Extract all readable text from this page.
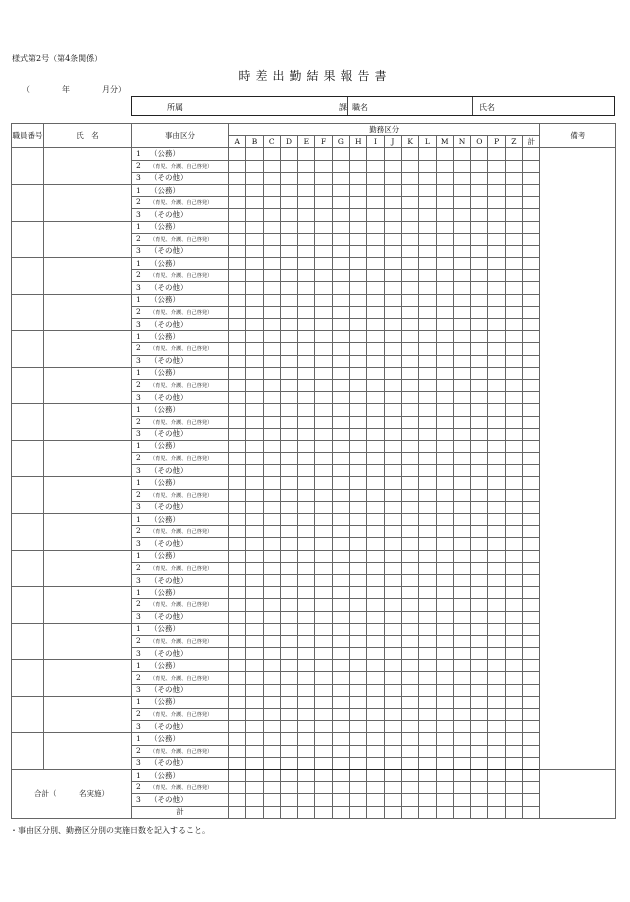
様式第2号（第4条関係）
時差出勤結果報告書
（　　　　年　　　　月分）
所属	課 職名	氏名
職員番号	氏　名	事由区分	勤務区分																		備考
			A	B	C	D	E	F	G	H	I	J	K	L	M	N	O	P	Z	計	
		1 （公務）																			
		2 （育児、介護、自己啓発）																			
		3 （その他）																			
		1 （公務）																			
		2 （育児、介護、自己啓発）																			
		3 （その他）																			
		1 （公務）																			
		2 （育児、介護、自己啓発）																			
		3 （その他）																			
		1 （公務）																			
		2 （育児、介護、自己啓発）																			
		3 （その他）																			
		1 （公務）																			
		2 （育児、介護、自己啓発）																			
		3 （その他）																			
		1 （公務）																			
		2 （育児、介護、自己啓発）																			
		3 （その他）																			
		1 （公務）																			
		2 （育児、介護、自己啓発）																			
		3 （その他）																			
		1 （公務）																			
		2 （育児、介護、自己啓発）																			
		3 （その他）																			
		1 （公務）																			
		2 （育児、介護、自己啓発）																			
		3 （その他）																			
		1 （公務）																			
		2 （育児、介護、自己啓発）																			
		3 （その他）																			
		1 （公務）																			
		2 （育児、介護、自己啓発）																			
		3 （その他）																			
		1 （公務）																			
		2 （育児、介護、自己啓発）																			
		3 （その他）																			
		1 （公務）																			
		2 （育児、介護、自己啓発）																			
		3 （その他）																			
		1 （公務）																			
		2 （育児、介護、自己啓発）																			
		3 （その他）																			
		1 （公務）																			
		2 （育児、介護、自己啓発）																			
		3 （その他）																			
		1 （公務）																			
		2 （育児、介護、自己啓発）																			
		3 （その他）																			
		1 （公務）																			
		2 （育児、介護、自己啓発）																			
		3 （その他）																			
合計（　　　名実施）		1 （公務）																			
		2 （育児、介護、自己啓発）																			
		3 （その他）																			
		計																			
・事由区分別、勤務区分別の実施日数を記入すること。
